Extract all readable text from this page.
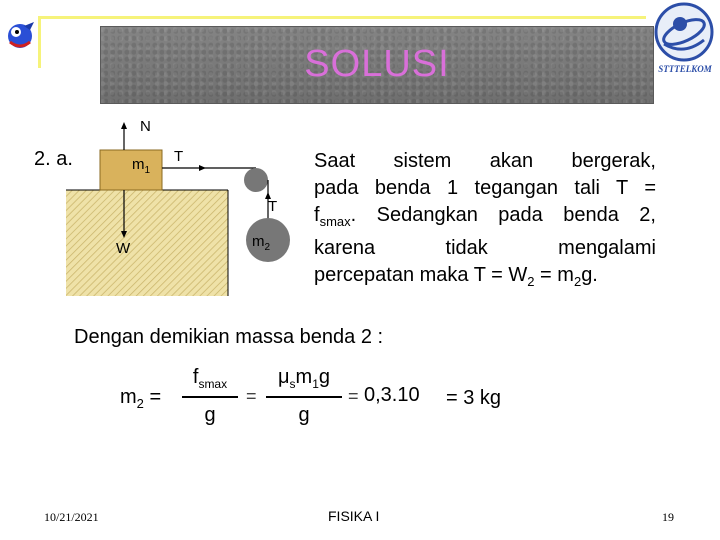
SOLUSI	STTTELKOM
2. a.
N
$m_1$
T
T
W	$m_2$
Saat sistem akan bergerak,
pada benda 1 tegangan tali T =
$f_{smax}$. Sedangkan pada benda 2,
karena	tidak	mengalami
percepatan maka $T = W_2 = m_2g$.
Dengan demikian massa benda 2 :
$m_2$ =
$f_{smax}$
g
=
$\mu_sm_1g$
g
= 0,3.10 = 3 kg
10/21/2021	FISIKA I	19
